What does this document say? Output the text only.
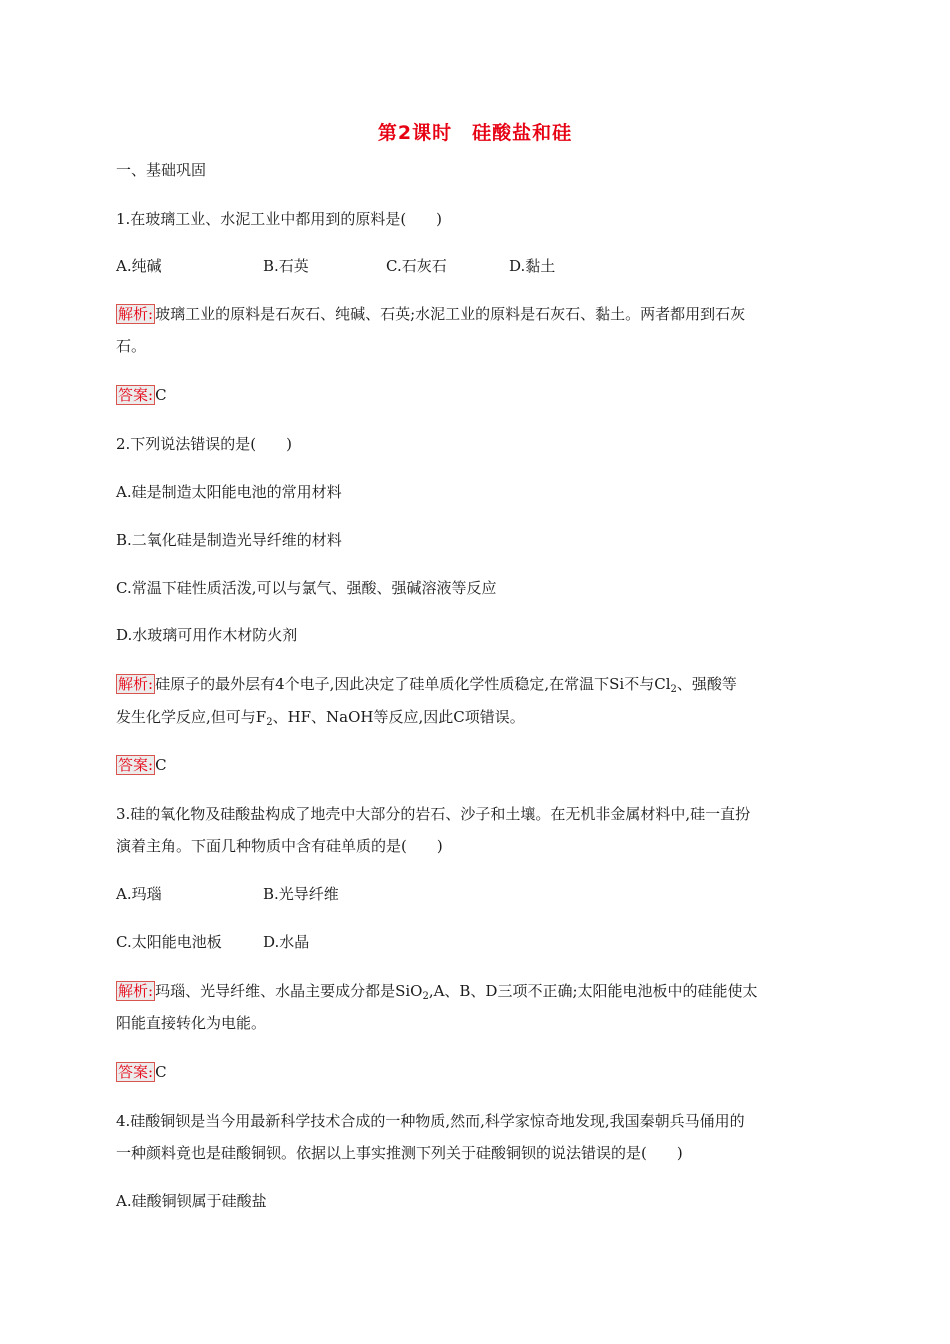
第2课时　硅酸盐和硅

一、基础巩固

1.在玻璃工业、水泥工业中都用到的原料是(　　)

A.纯碱	B.石英	C.石灰石	D.黏土

解析: 玻璃工业的原料是石灰石、纯碱、石英;水泥工业的原料是石灰石、黏土。两者都用到石灰

石。

答案: C

2.下列说法错误的是(　　)

A.硅是制造太阳能电池的常用材料

B.二氧化硅是制造光导纤维的材料

C.常温下硅性质活泼,可以与氯气、强酸、强碱溶液等反应

D.水玻璃可用作木材防火剂

解析: 硅原子的最外层有4个电子,因此决定了硅单质化学性质稳定,在常温下Si不与$Cl_2$、强酸等

发生化学反应,但可与$F_2$、HF、NaOH等反应,因此C项错误。

答案: C

3.硅的氧化物及硅酸盐构成了地壳中大部分的岩石、沙子和土壤。在无机非金属材料中,硅一直扮

演着主角。下面几种物质中含有硅单质的是(　　)

A.玛瑙	B.光导纤维
C.太阳能电池板	D.水晶

解析: 玛瑙、光导纤维、水晶主要成分都是SiO$_2$,A、B、D三项不正确;太阳能电池板中的硅能使太

阳能直接转化为电能。

答案: C

4.硅酸铜钡是当今用最新科学技术合成的一种物质,然而,科学家惊奇地发现,我国秦朝兵马俑用的

一种颜料竟也是硅酸铜钡。依据以上事实推测下列关于硅酸铜钡的说法错误的是(　　)

A.硅酸铜钡属于硅酸盐
